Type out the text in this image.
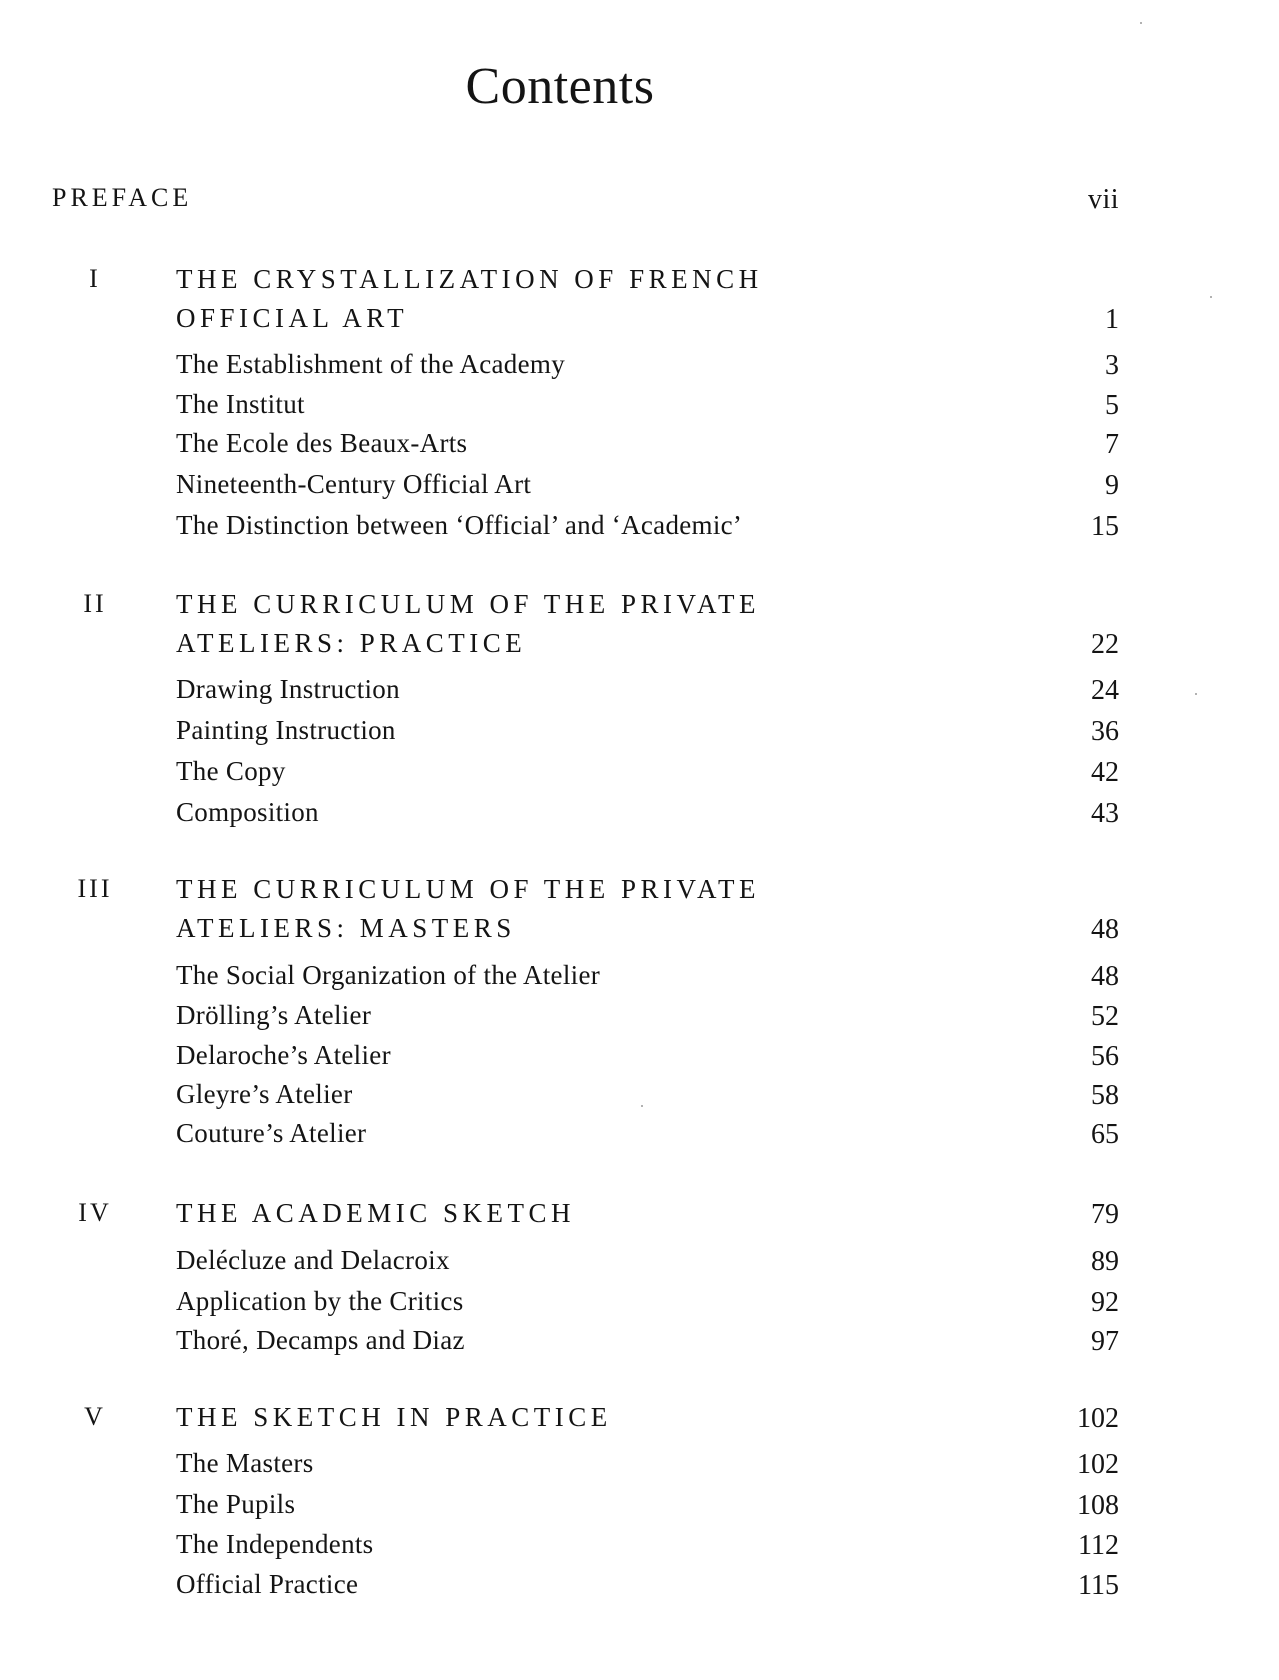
Contents
PREFACE	vii
I	THE CRYSTALLIZATION OF FRENCH
OFFICIAL ART	1
The Establishment of the Academy	3
The Institut	5
The Ecole des Beaux-Arts	7
Nineteenth-Century Official Art	9
The Distinction between ‘Official’ and ‘Academic’	15
II	THE CURRICULUM OF THE PRIVATE
ATELIERS: PRACTICE	22
Drawing Instruction	24
Painting Instruction	36
The Copy	42
Composition	43
III	THE CURRICULUM OF THE PRIVATE
ATELIERS: MASTERS	48
The Social Organization of the Atelier	48
Drölling’s Atelier	52
Delaroche’s Atelier	56
Gleyre’s Atelier	58
Couture’s Atelier	65
IV	THE ACADEMIC SKETCH	79
Delécluze and Delacroix	89
Application by the Critics	92
Thoré, Decamps and Diaz	97
V	THE SKETCH IN PRACTICE	102
The Masters	102
The Pupils	108
The Independents	112
Official Practice	115
